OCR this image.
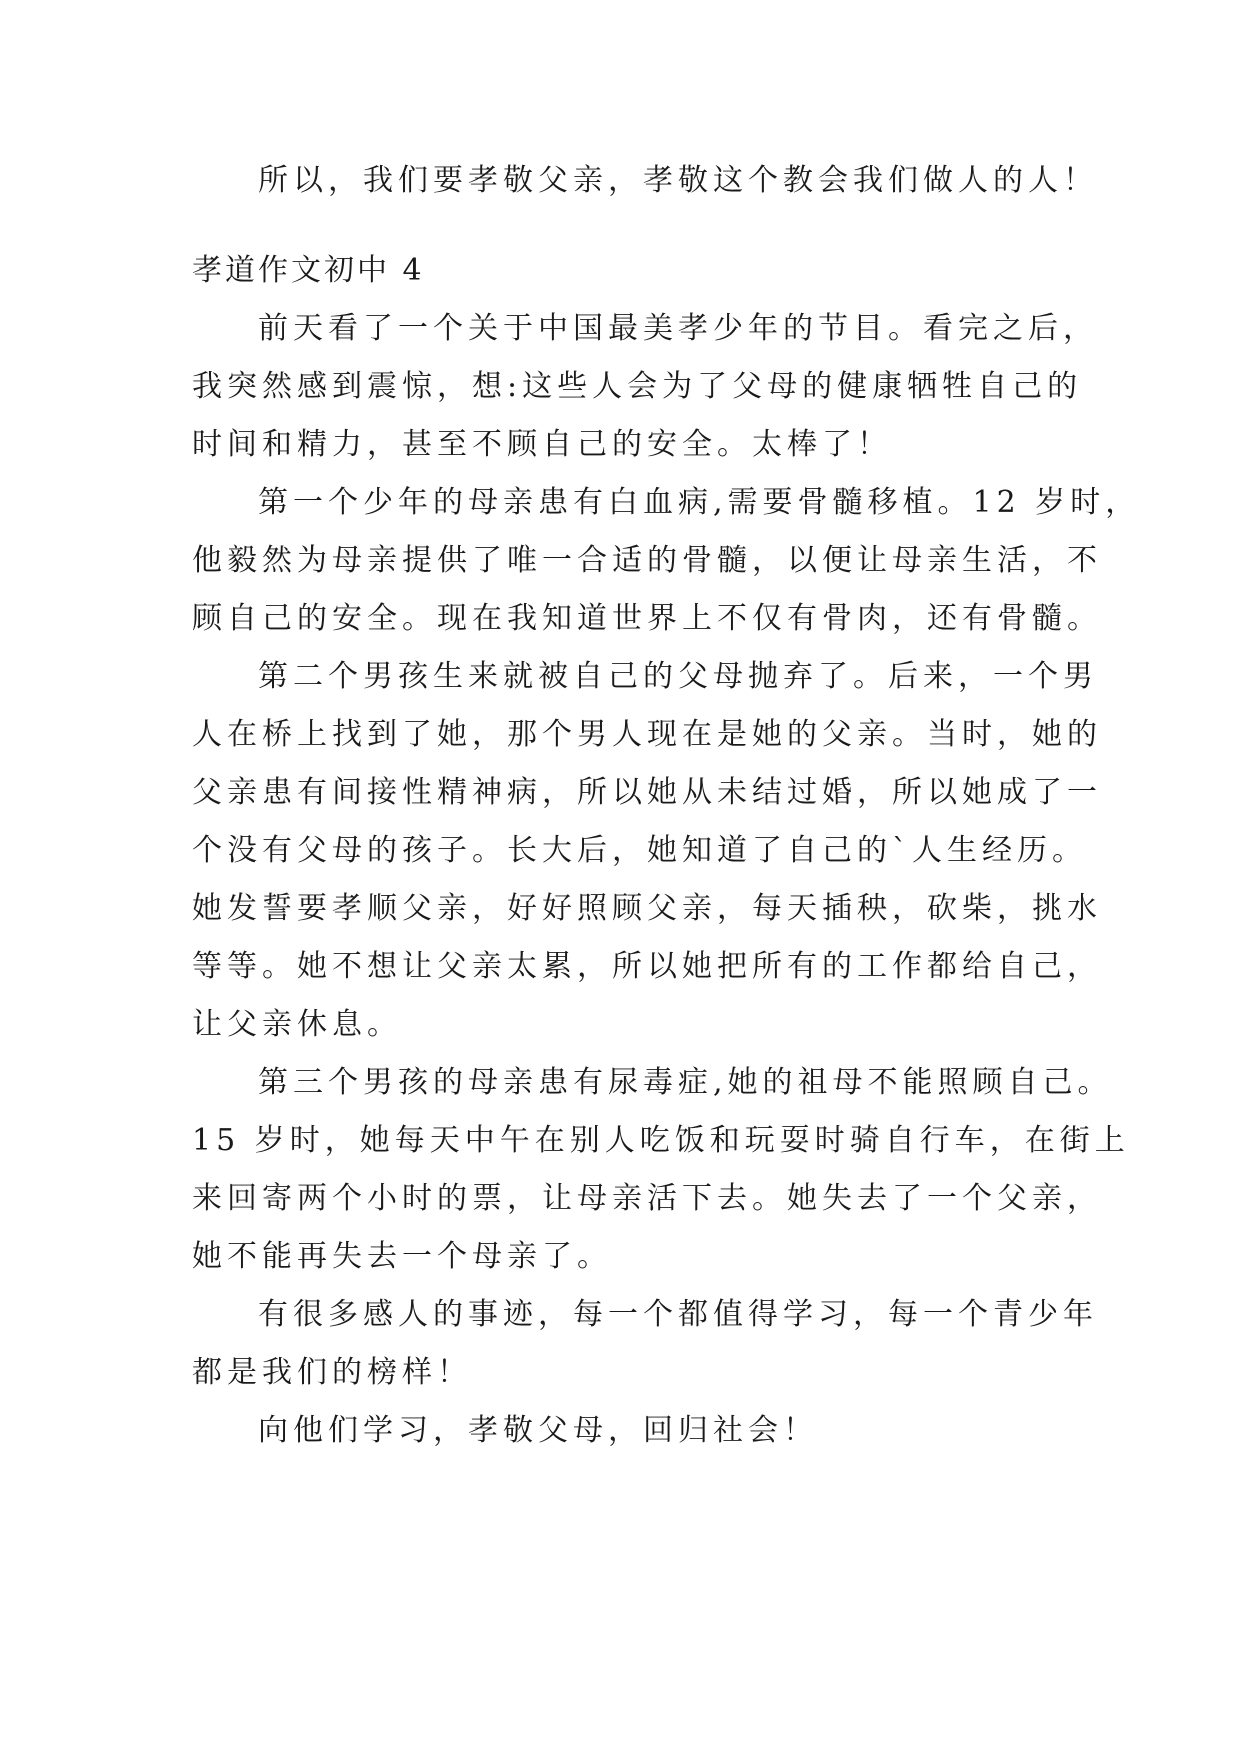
所以，我们要孝敬父亲，孝敬这个教会我们做人的人！
孝道作文初中 4
前天看了一个关于中国最美孝少年的节目。看完之后，
我突然感到震惊，想:这些人会为了父母的健康牺牲自己的
时间和精力，甚至不顾自己的安全。太棒了！
第一个少年的母亲患有白血病,需要骨髓移植。12 岁时，
他毅然为母亲提供了唯一合适的骨髓，以便让母亲生活，不
顾自己的安全。现在我知道世界上不仅有骨肉，还有骨髓。
第二个男孩生来就被自己的父母抛弃了。后来，一个男
人在桥上找到了她，那个男人现在是她的父亲。当时，她的
父亲患有间接性精神病，所以她从未结过婚，所以她成了一
个没有父母的孩子。长大后，她知道了自己的`人生经历。
她发誓要孝顺父亲，好好照顾父亲，每天插秧，砍柴，挑水
等等。她不想让父亲太累，所以她把所有的工作都给自己，
让父亲休息。
第三个男孩的母亲患有尿毒症,她的祖母不能照顾自己。
15 岁时，她每天中午在别人吃饭和玩耍时骑自行车，在街上
来回寄两个小时的票，让母亲活下去。她失去了一个父亲，
她不能再失去一个母亲了。
有很多感人的事迹，每一个都值得学习，每一个青少年
都是我们的榜样！
向他们学习，孝敬父母，回归社会！
